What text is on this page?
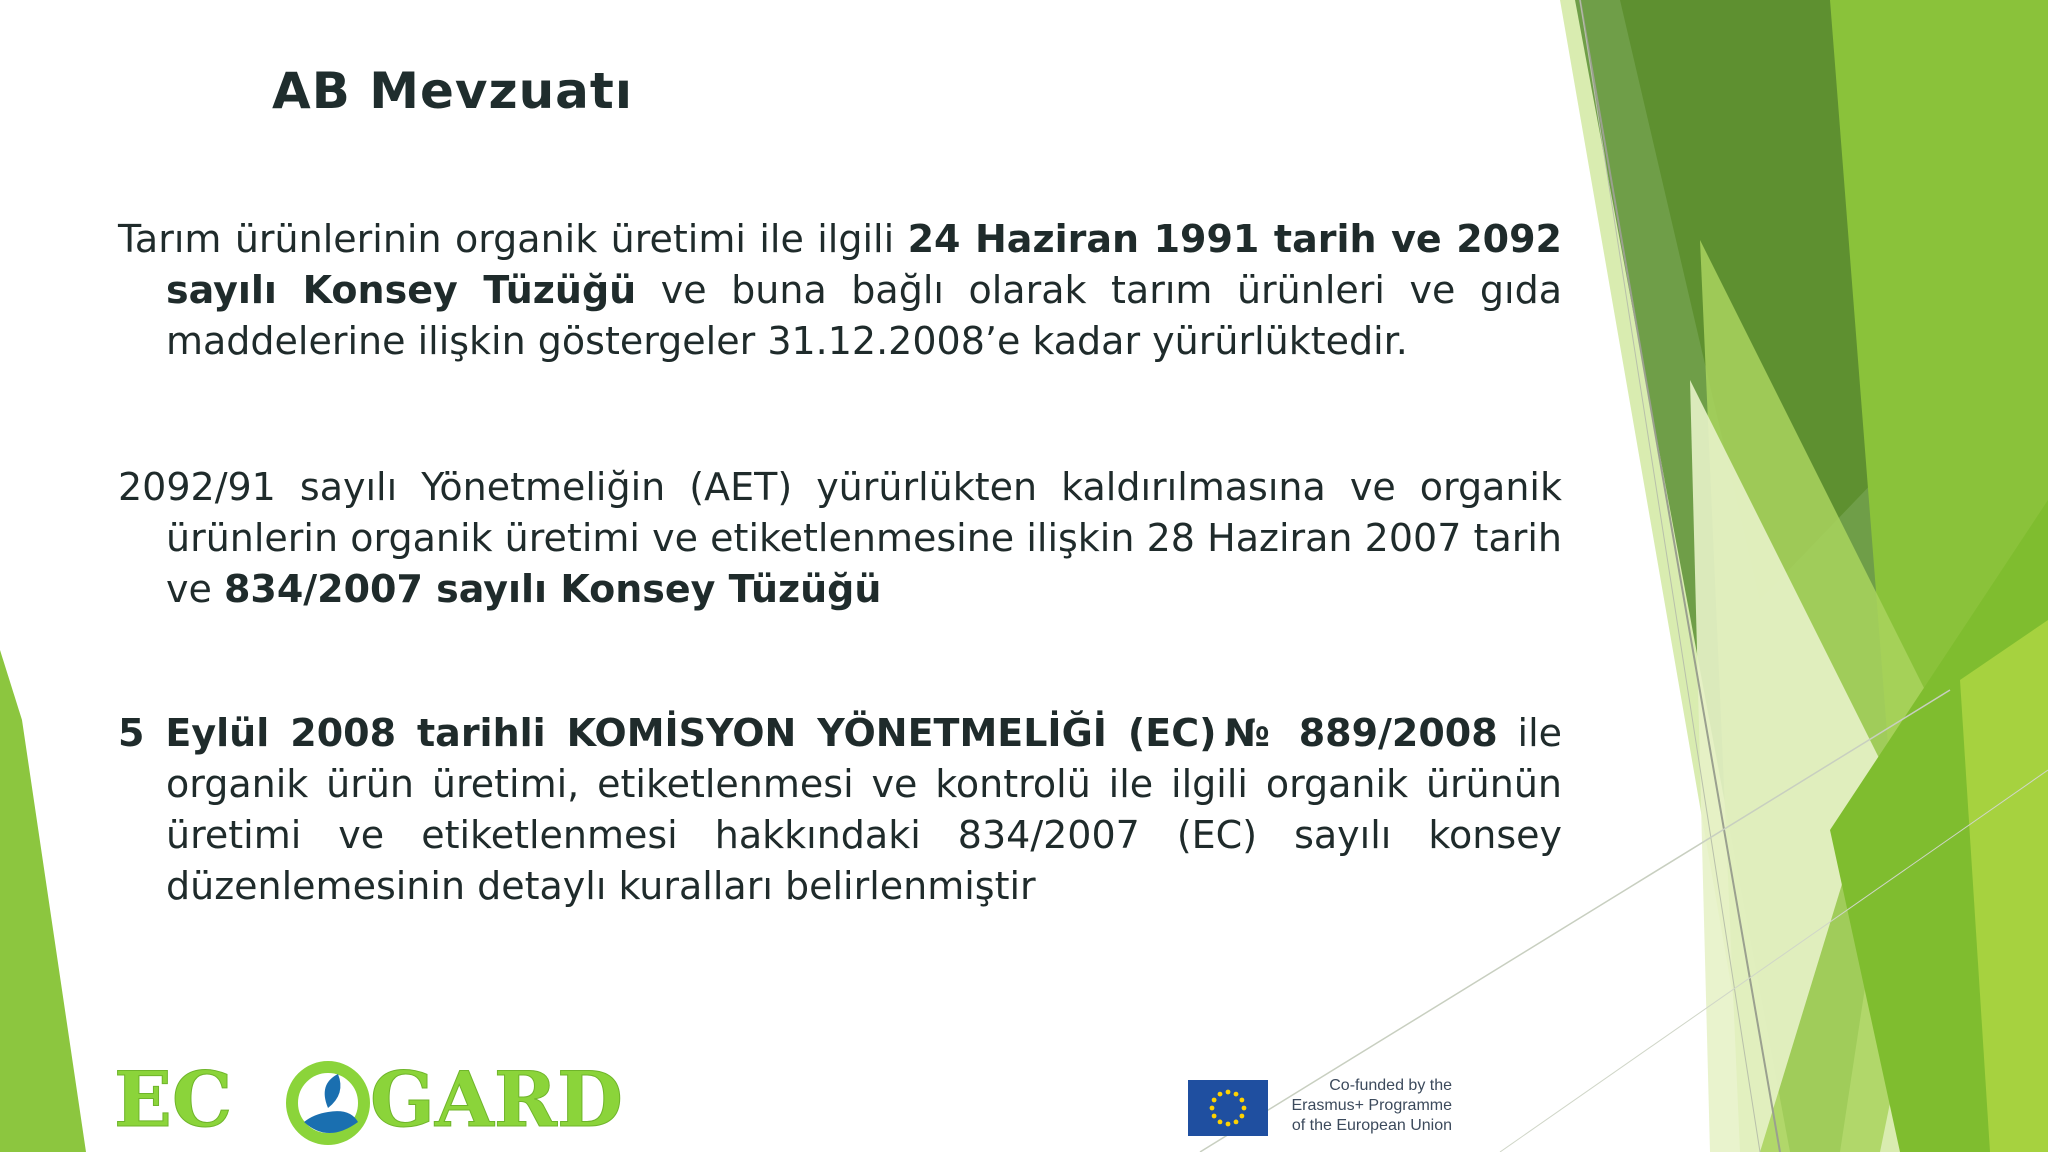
AB Mevzuatı

Tarım ürünlerinin organik üretimi ile ilgili 24 Haziran 1991 tarih ve 2092 sayılı Konsey Tüzüğü ve buna bağlı olarak tarım ürünleri ve gıda maddelerine ilişkin göstergeler 31.12.2008’e kadar yürürlüktedir.

2092/91 sayılı Yönetmeliğin (AET) yürürlükten kaldırılmasına ve organik ürünlerin organik üretimi ve etiketlenmesine ilişkin 28 Haziran 2007 tarih ve 834/2007 sayılı Konsey Tüzüğü

5 Eylül 2008 tarihli KOMİSYON YÖNETMELİĞİ (EC)№ 889/2008 ile organik ürün üretimi, etiketlenmesi ve kontrolü ile ilgili organik ürünün üretimi ve etiketlenmesi hakkındaki 834/2007 (EC) sayılı konsey düzenlemesinin detaylı kuralları belirlenmiştir

EC GARD	Co-funded by the
Erasmus+ Programme
of the European Union
